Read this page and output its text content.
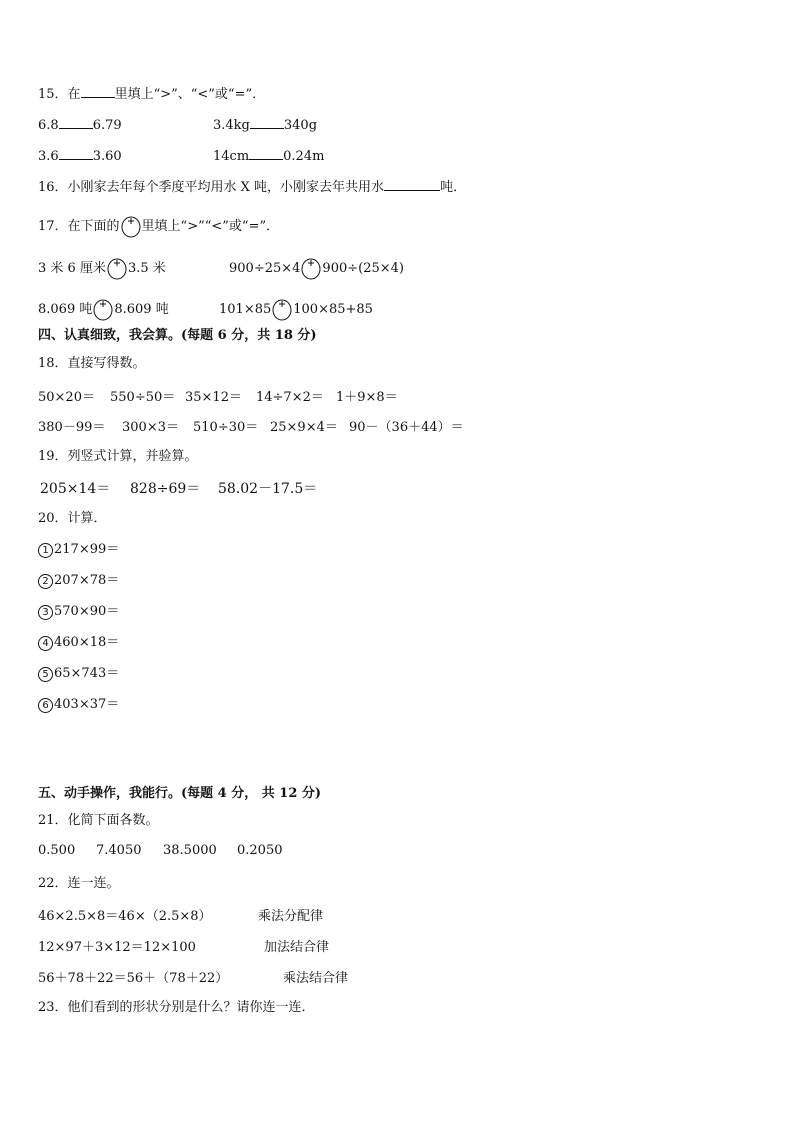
15．在	里填上“>”、“<”或“=”．
6.8	6.79	3.4kg	340g
3.6	3.60	14cm	0.24m
16．小刚家去年每个季度平均用水 X 吨，小刚家去年共用水	吨．
17．在下面的 里填上“>”“<”或“=”．
3 米 6 厘米 3.5 米	900÷25×4 900÷(25×4)
8.069 吨 8.609 吨	101×85 100×85+85
四、认真细致，我会算。(每题 6 分，共 18 分)
18．直接写得数。
50×20＝ 550÷50＝ 35×12＝ 14÷7×2＝ 1＋9×8＝
380－99＝ 300×3＝ 510÷30＝ 25×9×4＝ 90－（36＋44）＝
19．列竖式计算，并验算。
205×14＝ 828÷69＝ 58.02－17.5＝
20．计算．
1 217×99＝
2 207×78＝
3 570×90＝
4 460×18＝
5 65×743＝
6 403×37＝
五、动手操作，我能行。(每题 4 分， 共 12 分)
21．化简下面各数。
0.500 7.4050 38.5000 0.2050
22．连一连。
46×2.5×8＝46×（2.5×8）	乘法分配律
12×97＋3×12＝12×100	加法结合律
56＋78＋22＝56＋（78＋22）	乘法结合律
23．他们看到的形状分别是什么？请你连一连．
